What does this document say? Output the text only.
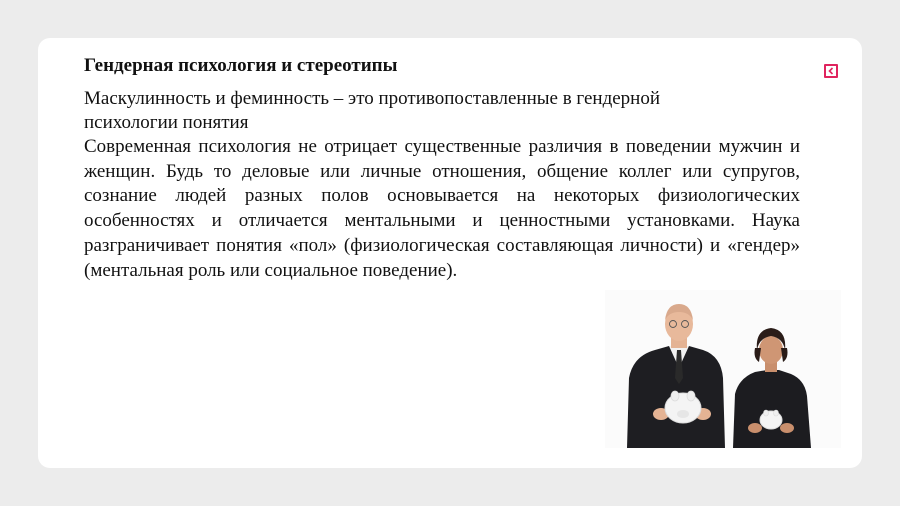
Гендерная психология и стереотипы
Маскулинность и феминность – это противопоставленные в гендерной психологии понятия
Современная психология не отрицает существенные различия в поведении мужчин и женщин. Будь то деловые или личные отношения, общение коллег или супругов, сознание людей разных полов основывается на некоторых физиологических особенностях и отличается ментальными и ценностными установками. Наука разграничивает понятия «пол» (физиологическая составляющая личности) и «гендер» (ментальная роль или социальное поведение).
